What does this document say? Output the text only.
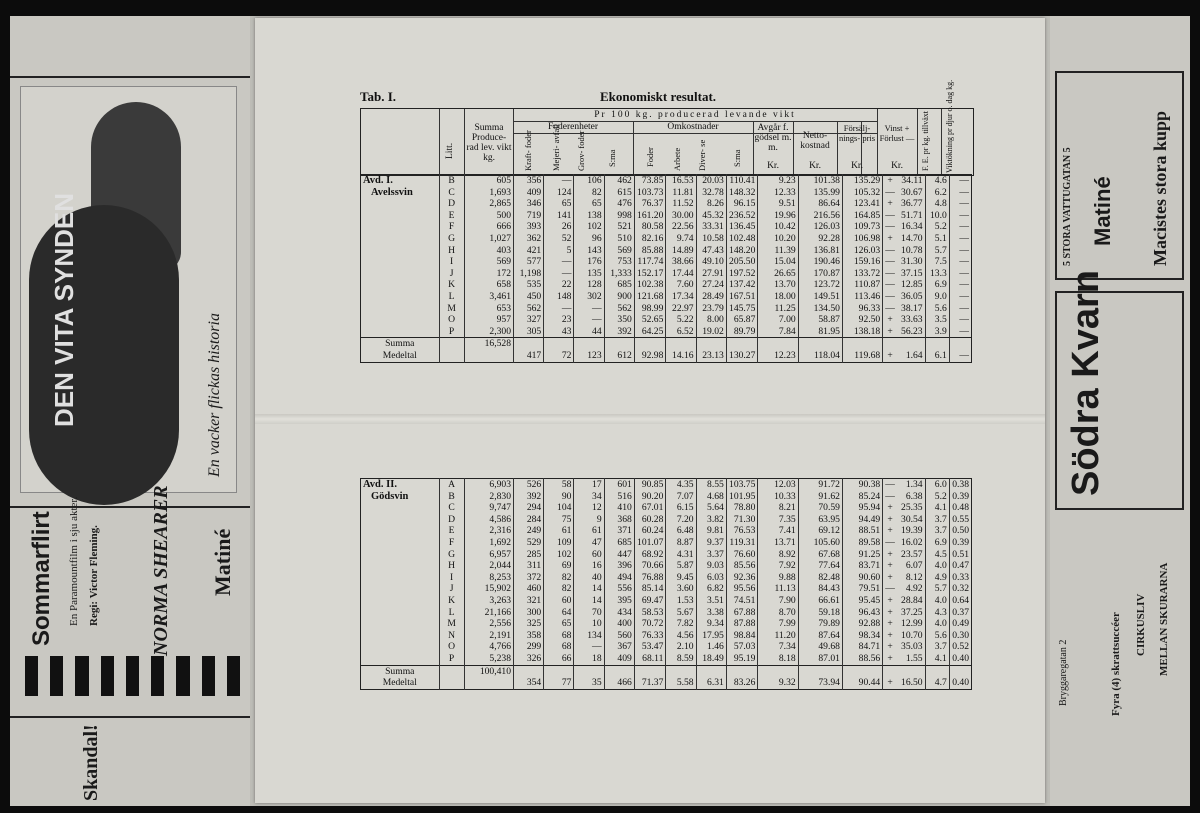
DEN VITA SYNDEN	En vacker flickas historia
Sommarflirt En Paramountfilm i sju akter. Regi: Victor Fleming.	NORMA SHEARER Matiné
Skandal!
5 STORA VATTUGATAN 5 Matiné Macistes stora kupp
Södra Kvarn
Bryggaregatan 2	Fyra (4) skrattsuccéer CIRKUSLIV MELLAN SKURARNA
Tab. I.	Ekonomiskt resultat.
Pr 100 kg. producerad levande vikt
Foderenheter	Omkostnader
Summa Produce- rad lev. vikt kg.
Litt.
Avgår f. gödsel m. m.
Netto- kostnad
Försälj- nings- pris
Vinst + Förlust —
Kraft- foder Mejeri- avfall Grov- foder S:ma	Foder Arbete Diver- se	S:ma	Kr.	Kr.	Kr.	Kr.	F. E. pr kg. tillväxt Viktökning pr djur o. dag kg.
Avd. I.	B	605	356	—	106	462	73.85	16.53	20.03	110.41	9.23	101.38	135.29	+	34.11	4.6	—
Avelssvin	C	1,693	409	124	82	615	103.73	11.81	32.78	148.32	12.33	135.99	105.32	—	30.67	6.2	—
	D	2,865	346	65	65	476	76.37	11.52	8.26	96.15	9.51	86.64	123.41	+	36.77	4.8	—
	E	500	719	141	138	998	161.20	30.00	45.32	236.52	19.96	216.56	164.85	—	51.71	10.0	—
	F	666	393	26	102	521	80.58	22.56	33.31	136.45	10.42	126.03	109.73	—	16.34	5.2	—
	G	1,027	362	52	96	510	82.16	9.74	10.58	102.48	10.20	92.28	106.98	+	14.70	5.1	—
	H	403	421	5	143	569	85.88	14.89	47.43	148.20	11.39	136.81	126.03	—	10.78	5.7	—
	I	569	577	—	176	753	117.74	38.66	49.10	205.50	15.04	190.46	159.16	—	31.30	7.5	—
	J	172	1,198	—	135	1,333	152.17	17.44	27.91	197.52	26.65	170.87	133.72	—	37.15	13.3	—
	K	658	535	22	128	685	102.38	7.60	27.24	137.42	13.70	123.72	110.87	—	12.85	6.9	—
	L	3,461	450	148	302	900	121.68	17.34	28.49	167.51	18.00	149.51	113.46	—	36.05	9.0	—
	M	653	562	—	—	562	98.99	22.97	23.79	145.75	11.25	134.50	96.33	—	38.17	5.6	—
	O	957	327	23	—	350	52.65	5.22	8.00	65.87	7.00	58.87	92.50	+	33.63	3.5	—
	P	2,300	305	43	44	392	64.25	6.52	19.02	89.79	7.84	81.95	138.18	+	56.23	3.9	—
Summa		16,528															
Medeltal			417	72	123	612	92.98	14.16	23.13	130.27	12.23	118.04	119.68	+	1.64	6.1	—
Avd. II.	A	6,903	526	58	17	601	90.85	4.35	8.55	103.75	12.03	91.72	90.38	—	1.34	6.0	0.38
Gödsvin	B	2,830	392	90	34	516	90.20	7.07	4.68	101.95	10.33	91.62	85.24	—	6.38	5.2	0.39
	C	9,747	294	104	12	410	67.01	6.15	5.64	78.80	8.21	70.59	95.94	+	25.35	4.1	0.48
	D	4,586	284	75	9	368	60.28	7.20	3.82	71.30	7.35	63.95	94.49	+	30.54	3.7	0.55
	E	2,316	249	61	61	371	60.24	6.48	9.81	76.53	7.41	69.12	88.51	+	19.39	3.7	0.50
	F	1,692	529	109	47	685	101.07	8.87	9.37	119.31	13.71	105.60	89.58	—	16.02	6.9	0.39
	G	6,957	285	102	60	447	68.92	4.31	3.37	76.60	8.92	67.68	91.25	+	23.57	4.5	0.51
	H	2,044	311	69	16	396	70.66	5.87	9.03	85.56	7.92	77.64	83.71	+	6.07	4.0	0.47
	I	8,253	372	82	40	494	76.88	9.45	6.03	92.36	9.88	82.48	90.60	+	8.12	4.9	0.33
	J	15,902	460	82	14	556	85.14	3.60	6.82	95.56	11.13	84.43	79.51	—	4.92	5.7	0.32
	K	3,263	321	60	14	395	69.47	1.53	3.51	74.51	7.90	66.61	95.45	+	28.84	4.0	0.64
	L	21,166	300	64	70	434	58.53	5.67	3.38	67.88	8.70	59.18	96.43	+	37.25	4.3	0.37
	M	2,556	325	65	10	400	70.72	7.82	9.34	87.88	7.99	79.89	92.88	+	12.99	4.0	0.49
	N	2,191	358	68	134	560	76.33	4.56	17.95	98.84	11.20	87.64	98.34	+	10.70	5.6	0.30
	O	4,766	299	68	—	367	53.47	2.10	1.46	57.03	7.34	49.68	84.71	+	35.03	3.7	0.52
	P	5,238	326	66	18	409	68.11	8.59	18.49	95.19	8.18	87.01	88.56	+	1.55	4.1	0.40
Summa		100,410															
Medeltal			354	77	35	466	71.37	5.58	6.31	83.26	9.32	73.94	90.44	+	16.50	4.7	0.40
